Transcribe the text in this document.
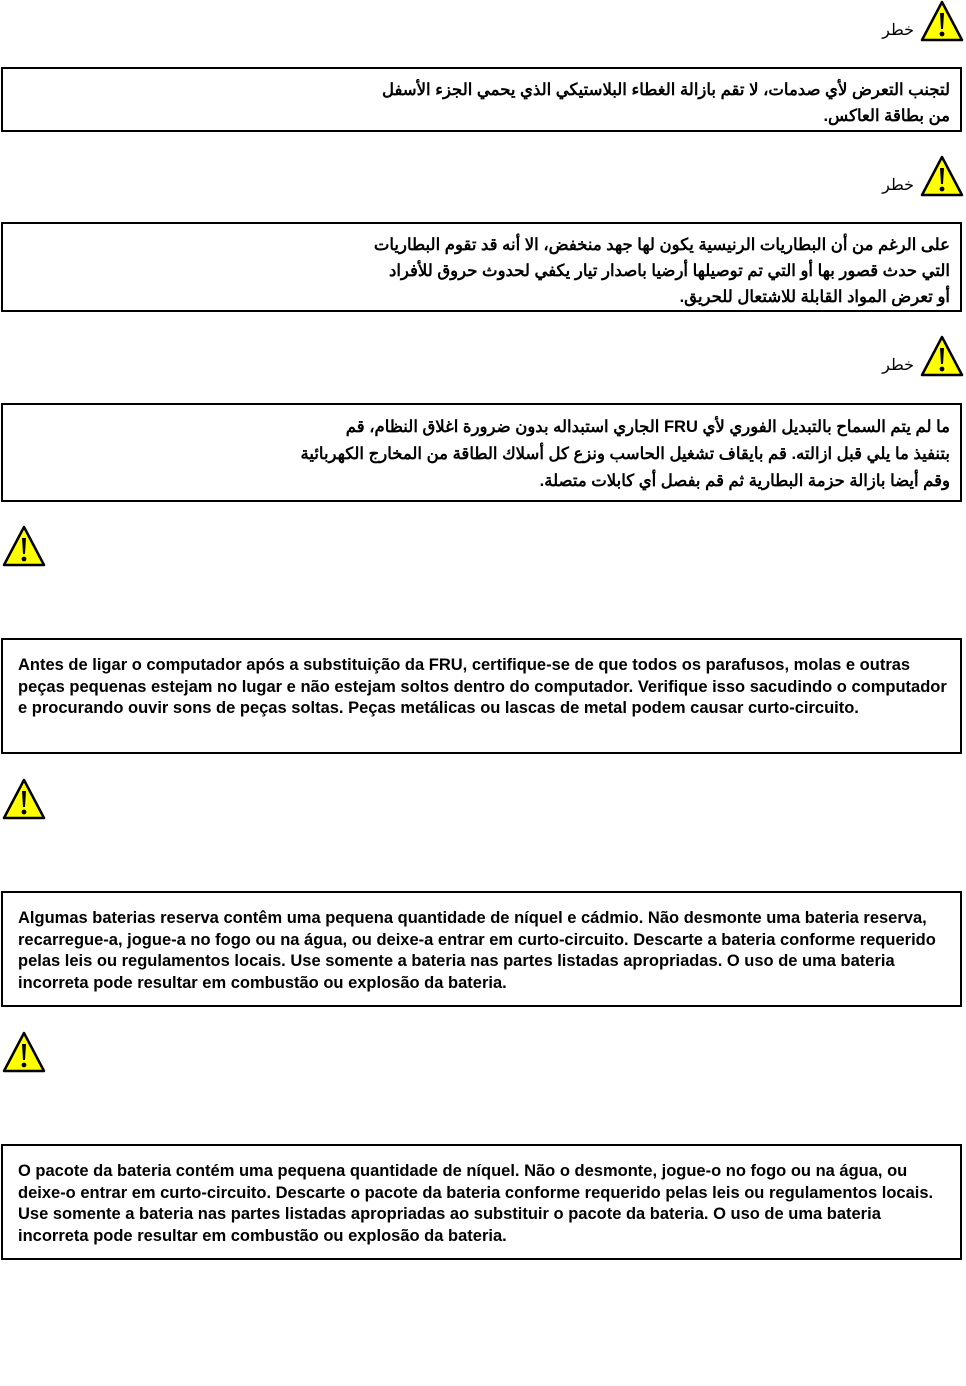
خطر
لتجنب التعرض لأي صدمات، لا تقم بازالة الغطاء البلاستيكي الذي يحمي الجزء الأسفل
من بطاقة العاكس.
خطر
على الرغم من أن البطاريات الرنيسية يكون لها جهد منخفض، الا أنه قد تقوم البطاريات
التي حدث قصور بها أو التي تم توصيلها أرضيا باصدار تيار يكفي لحدوث حروق للأفراد
أو تعرض المواد القابلة للاشتعال للحريق.
خطر
ما لم يتم السماح بالتبديل الفوري لأي FRU الجاري استبداله بدون ضرورة اغلاق النظام، قم
بتنفيذ ما يلي قبل ازالته. قم بايقاف تشغيل الحاسب ونزع كل أسلاك الطاقة من المخارج الكهربائية
وقم أيضا بازالة حزمة البطارية ثم قم بفصل أي كابلات متصلة.
Antes de ligar o computador após a substituição da FRU, certifique-se de que todos os parafusos, molas e outras peças pequenas estejam no lugar e não estejam soltos dentro do computador. Verifique isso sacudindo o computador e procurando ouvir sons de peças soltas. Peças metálicas ou lascas de metal podem causar curto-circuito.
Algumas baterias reserva contêm uma pequena quantidade de níquel e cádmio. Não desmonte uma bateria reserva, recarregue-a, jogue-a no fogo ou na água, ou deixe-a entrar em curto-circuito. Descarte a bateria conforme requerido pelas leis ou regulamentos locais. Use somente a bateria nas partes listadas apropriadas. O uso de uma bateria incorreta pode resultar em combustão ou explosão da bateria.
O pacote da bateria contém uma pequena quantidade de níquel. Não o desmonte, jogue-o no fogo ou na água, ou deixe-o entrar em curto-circuito. Descarte o pacote da bateria conforme requerido pelas leis ou regulamentos locais. Use somente a bateria nas partes listadas apropriadas ao substituir o pacote da bateria. O uso de uma bateria incorreta pode resultar em combustão ou explosão da bateria.
